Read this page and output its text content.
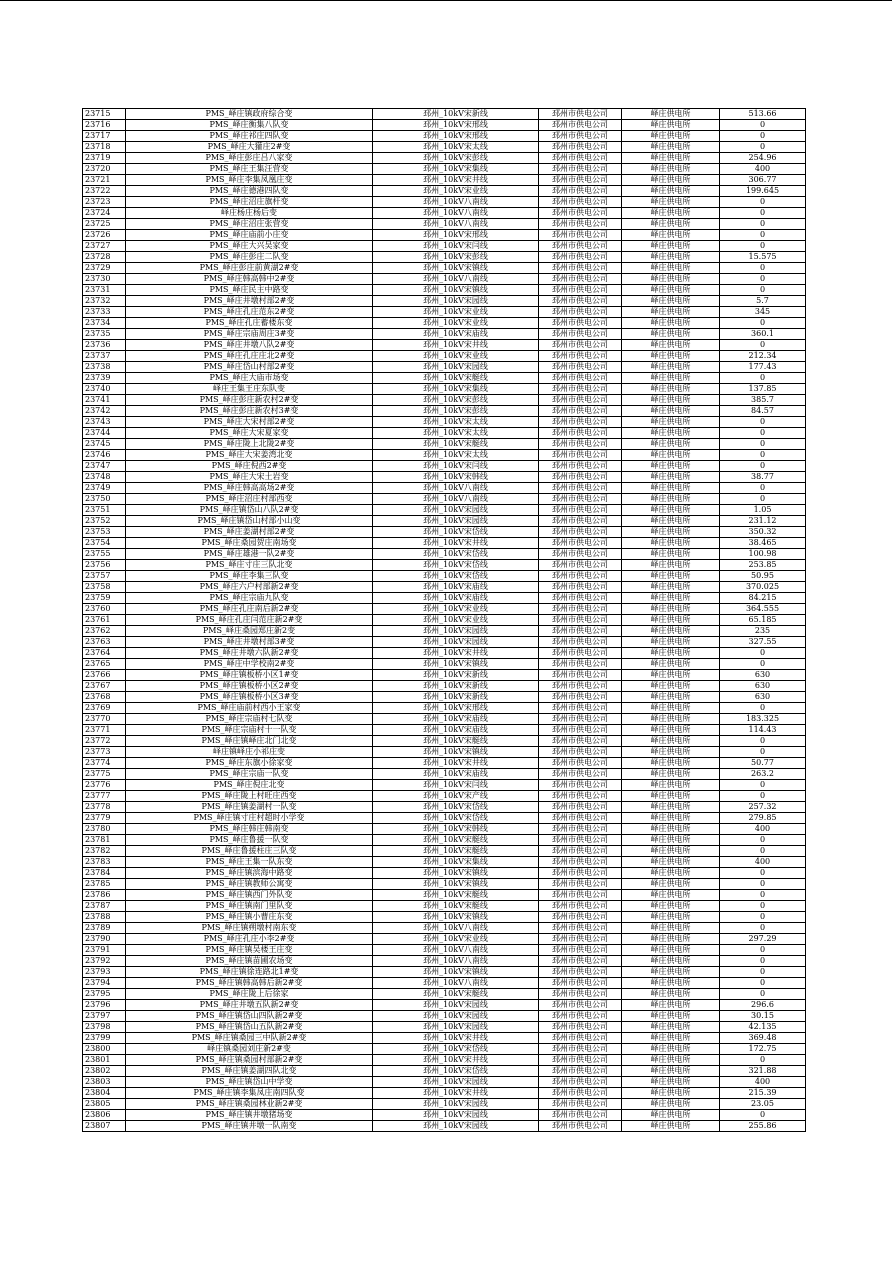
23715	PMS_峄庄镇政府综合变	邳州_10kV宋新线	邳州市供电公司	峄庄供电所	513.66
23716	PMS_峄庄衡集八队变	邳州_10kV宋邢线	邳州市供电公司	峄庄供电所	0
23717	PMS_峄庄祁庄四队变	邳州_10kV宋邢线	邳州市供电公司	峄庄供电所	0
23718	PMS_峄庄大獾庄2#变	邳州_10kV宋太线	邳州市供电公司	峄庄供电所	0
23719	PMS_峄庄彭庄吕八家变	邳州_10kV宋彭线	邳州市供电公司	峄庄供电所	254.96
23720	PMS_峄庄王集汪营变	邳州_10kV宋集线	邳州市供电公司	峄庄供电所	400
23721	PMS_峄庄李集凤凰庄变	邳州_10kV宋井线	邳州市供电公司	峄庄供电所	306.77
23722	PMS_峄庄德港四队变	邳州_10kV宋业线	邳州市供电公司	峄庄供电所	199.645
23723	PMS_峄庄沼庄旗杆变	邳州_10kV八南线	邳州市供电公司	峄庄供电所	0
23724	峄庄杨庄杨后变	邳州_10kV八南线	邳州市供电公司	峄庄供电所	0
23725	PMS_峄庄沼庄张营变	邳州_10kV八南线	邳州市供电公司	峄庄供电所	0
23726	PMS_峄庄庙前小庄变	邳州_10kV宋邢线	邳州市供电公司	峄庄供电所	0
23727	PMS_峄庄大兴吴家变	邳州_10kV宋闫线	邳州市供电公司	峄庄供电所	0
23728	PMS_峄庄彭庄二队变	邳州_10kV宋彭线	邳州市供电公司	峄庄供电所	15.575
23729	PMS_峄庄彭庄前黄湖2#变	邳州_10kV宋镇线	邳州市供电公司	峄庄供电所	0
23730	PMS_峄庄韩高韩中2#变	邳州_10kV八南线	邳州市供电公司	峄庄供电所	0
23731	PMS_峄庄民主中路变	邳州_10kV宋镇线	邳州市供电公司	峄庄供电所	0
23732	PMS_峄庄井墩村部2#变	邳州_10kV宋园线	邳州市供电公司	峄庄供电所	5.7
23733	PMS_峄庄孔庄范东2#变	邳州_10kV宋业线	邳州市供电公司	峄庄供电所	345
23734	PMS_峄庄孔庄蓄楼东变	邳州_10kV宋业线	邳州市供电公司	峄庄供电所	0
23735	PMS_峄庄宗庙周庄3#变	邳州_10kV宋庙线	邳州市供电公司	峄庄供电所	360.1
23736	PMS_峄庄井墩八队2#变	邳州_10kV宋井线	邳州市供电公司	峄庄供电所	0
23737	PMS_峄庄孔庄庄北2#变	邳州_10kV宋业线	邳州市供电公司	峄庄供电所	212.34
23738	PMS_峄庄岱山村部2#变	邳州_10kV宋园线	邳州市供电公司	峄庄供电所	177.43
23739	PMS_峄庄大庙市场变	邳州_10kV宋艇线	邳州市供电公司	峄庄供电所	0
23740	峄庄王集王庄东队变	邳州_10kV宋集线	邳州市供电公司	峄庄供电所	137.85
23741	PMS_峄庄彭庄新农村2#变	邳州_10kV宋彭线	邳州市供电公司	峄庄供电所	385.7
23742	PMS_峄庄彭庄新农村3#变	邳州_10kV宋彭线	邳州市供电公司	峄庄供电所	84.57
23743	PMS_峄庄大宋村部2#变	邳州_10kV宋太线	邳州市供电公司	峄庄供电所	0
23744	PMS_峄庄大宋夏家变	邳州_10kV宋太线	邳州市供电公司	峄庄供电所	0
23745	PMS_峄庄陇上北陇2#变	邳州_10kV宋艇线	邳州市供电公司	峄庄供电所	0
23746	PMS_峄庄大宋姜湾北变	邳州_10kV宋太线	邳州市供电公司	峄庄供电所	0
23747	PMS_峄庄倪西2#变	邳州_10kV宋闫线	邳州市供电公司	峄庄供电所	0
23748	PMS_峄庄大宋土岩变	邳州_10kV宋韩线	邳州市供电公司	峄庄供电所	38.77
23749	PMS_峄庄韩高高场2#变	邳州_10kV八南线	邳州市供电公司	峄庄供电所	0
23750	PMS_峄庄沼庄村部西变	邳州_10kV八南线	邳州市供电公司	峄庄供电所	0
23751	PMS_峄庄镇岱山八队2#变	邳州_10kV宋园线	邳州市供电公司	峄庄供电所	1.05
23752	PMS_峄庄镇岱山村部小山变	邳州_10kV宋园线	邳州市供电公司	峄庄供电所	231.12
23753	PMS_峄庄姜湖村部2#变	邳州_10kV宋岱线	邳州市供电公司	峄庄供电所	350.32
23754	PMS_峄庄桑园贺庄南场变	邳州_10kV宋井线	邳州市供电公司	峄庄供电所	38.465
23755	PMS_峄庄雄港一队2#变	邳州_10kV宋岱线	邳州市供电公司	峄庄供电所	100.98
23756	PMS_峄庄寸庄三队北变	邳州_10kV宋岱线	邳州市供电公司	峄庄供电所	253.85
23757	PMS_峄庄李集三队变	邳州_10kV宋岱线	邳州市供电公司	峄庄供电所	50.95
23758	PMS_峄庄六户村部新2#变	邳州_10kV宋庙线	邳州市供电公司	峄庄供电所	370.025
23759	PMS_峄庄宗庙九队变	邳州_10kV宋庙线	邳州市供电公司	峄庄供电所	84.215
23760	PMS_峄庄孔庄南后新2#变	邳州_10kV宋业线	邳州市供电公司	峄庄供电所	364.555
23761	PMS_峄庄孔庄闫范庄新2#变	邳州_10kV宋业线	邳州市供电公司	峄庄供电所	65.185
23762	PMS_峄庄桑园郑庄新2变	邳州_10kV宋园线	邳州市供电公司	峄庄供电所	235
23763	PMS_峄庄井墩村部3#变	邳州_10kV宋园线	邳州市供电公司	峄庄供电所	327.55
23764	PMS_峄庄井墩六队新2#变	邳州_10kV宋井线	邳州市供电公司	峄庄供电所	0
23765	PMS_峄庄中学校南2#变	邳州_10kV宋镇线	邳州市供电公司	峄庄供电所	0
23766	PMS_峄庄镇板桥小区1#变	邳州_10kV宋新线	邳州市供电公司	峄庄供电所	630
23767	PMS_峄庄镇板桥小区2#变	邳州_10kV宋新线	邳州市供电公司	峄庄供电所	630
23768	PMS_峄庄镇板桥小区3#变	邳州_10kV宋新线	邳州市供电公司	峄庄供电所	630
23769	PMS_峄庄庙前村西小王家变	邳州_10kV宋邢线	邳州市供电公司	峄庄供电所	0
23770	PMS_峄庄宗庙村七队变	邳州_10kV宋庙线	邳州市供电公司	峄庄供电所	183.325
23771	PMS_峄庄宗庙村十一队变	邳州_10kV宋庙线	邳州市供电公司	峄庄供电所	114.43
23772	PMS_峄庄镇峄庄北门北变	邳州_10kV宋艇线	邳州市供电公司	峄庄供电所	0
23773	峄庄镇峄庄小祁庄变	邳州_10kV宋镇线	邳州市供电公司	峄庄供电所	0
23774	PMS_峄庄东旗小徐家变	邳州_10kV宋井线	邳州市供电公司	峄庄供电所	50.77
23775	PMS_峄庄宗庙一队变	邳州_10kV宋庙线	邳州市供电公司	峄庄供电所	263.2
23776	PMS_峄庄倪庄北变	邳州_10kV宋闫线	邳州市供电公司	峄庄供电所	0
23777	PMS_峄庄陇上村旺庄西变	邳州_10kV宋产线	邳州市供电公司	峄庄供电所	0
23778	PMS_峄庄镇姜湖村一队变	邳州_10kV宋岱线	邳州市供电公司	峄庄供电所	257.32
23779	PMS_峄庄镇寸庄村超时小学变	邳州_10kV宋岱线	邳州市供电公司	峄庄供电所	279.85
23780	PMS_峄庄韩庄韩南变	邳州_10kV宋韩线	邳州市供电公司	峄庄供电所	400
23781	PMS_峄庄鲁援一队变	邳州_10kV宋艇线	邳州市供电公司	峄庄供电所	0
23782	PMS_峄庄鲁援柱庄三队变	邳州_10kV宋艇线	邳州市供电公司	峄庄供电所	0
23783	PMS_峄庄王集一队东变	邳州_10kV宋集线	邳州市供电公司	峄庄供电所	400
23784	PMS_峄庄镇滨海中路变	邳州_10kV宋镇线	邳州市供电公司	峄庄供电所	0
23785	PMS_峄庄镇教师公寓变	邳州_10kV宋镇线	邳州市供电公司	峄庄供电所	0
23786	PMS_峄庄镇西门外队变	邳州_10kV宋艇线	邳州市供电公司	峄庄供电所	0
23787	PMS_峄庄镇南门里队变	邳州_10kV宋艇线	邳州市供电公司	峄庄供电所	0
23788	PMS_峄庄镇小曹庄东变	邳州_10kV宋镇线	邳州市供电公司	峄庄供电所	0
23789	PMS_峄庄镇朔墩村南东变	邳州_10kV八南线	邳州市供电公司	峄庄供电所	0
23790	PMS_峄庄孔庄小李2#变	邳州_10kV宋业线	邳州市供电公司	峄庄供电所	297.29
23791	PMS_峄庄镇吴楼王庄变	邳州_10kV八南线	邳州市供电公司	峄庄供电所	0
23792	PMS_峄庄镇苗圃农场变	邳州_10kV八南线	邳州市供电公司	峄庄供电所	0
23793	PMS_峄庄镇徐连路北1#变	邳州_10kV宋镇线	邳州市供电公司	峄庄供电所	0
23794	PMS_峄庄镇韩高韩后新2#变	邳州_10kV八南线	邳州市供电公司	峄庄供电所	0
23795	PMS_峄庄陇上后徐家	邳州_10kV宋艇线	邳州市供电公司	峄庄供电所	0
23796	PMS_峄庄井墩五队新2#变	邳州_10kV宋园线	邳州市供电公司	峄庄供电所	296.6
23797	PMS_峄庄镇岱山四队新2#变	邳州_10kV宋园线	邳州市供电公司	峄庄供电所	30.15
23798	PMS_峄庄镇岱山五队新2#变	邳州_10kV宋园线	邳州市供电公司	峄庄供电所	42.135
23799	PMS_峄庄镇桑园三中队新2#变	邳州_10kV宋井线	邳州市供电公司	峄庄供电所	369.48
23800	峄庄镇桑园刘庄新2#变	邳州_10kV宋岱线	邳州市供电公司	峄庄供电所	172.75
23801	PMS_峄庄镇桑园村部新2#变	邳州_10kV宋井线	邳州市供电公司	峄庄供电所	0
23802	PMS_峄庄镇姜湖四队北变	邳州_10kV宋岱线	邳州市供电公司	峄庄供电所	321.88
23803	PMS_峄庄镇岱山中学变	邳州_10kV宋园线	邳州市供电公司	峄庄供电所	400
23804	PMS_峄庄镇李集凤庄南四队变	邳州_10kV宋井线	邳州市供电公司	峄庄供电所	215.39
23805	PMS_峄庄镇桑园林业新2#变	邳州_10kV宋园线	邳州市供电公司	峄庄供电所	23.05
23806	PMS_峄庄镇井墩猪场变	邳州_10kV宋园线	邳州市供电公司	峄庄供电所	0
23807	PMS_峄庄镇井墩一队南变	邳州_10kV宋园线	邳州市供电公司	峄庄供电所	255.86
